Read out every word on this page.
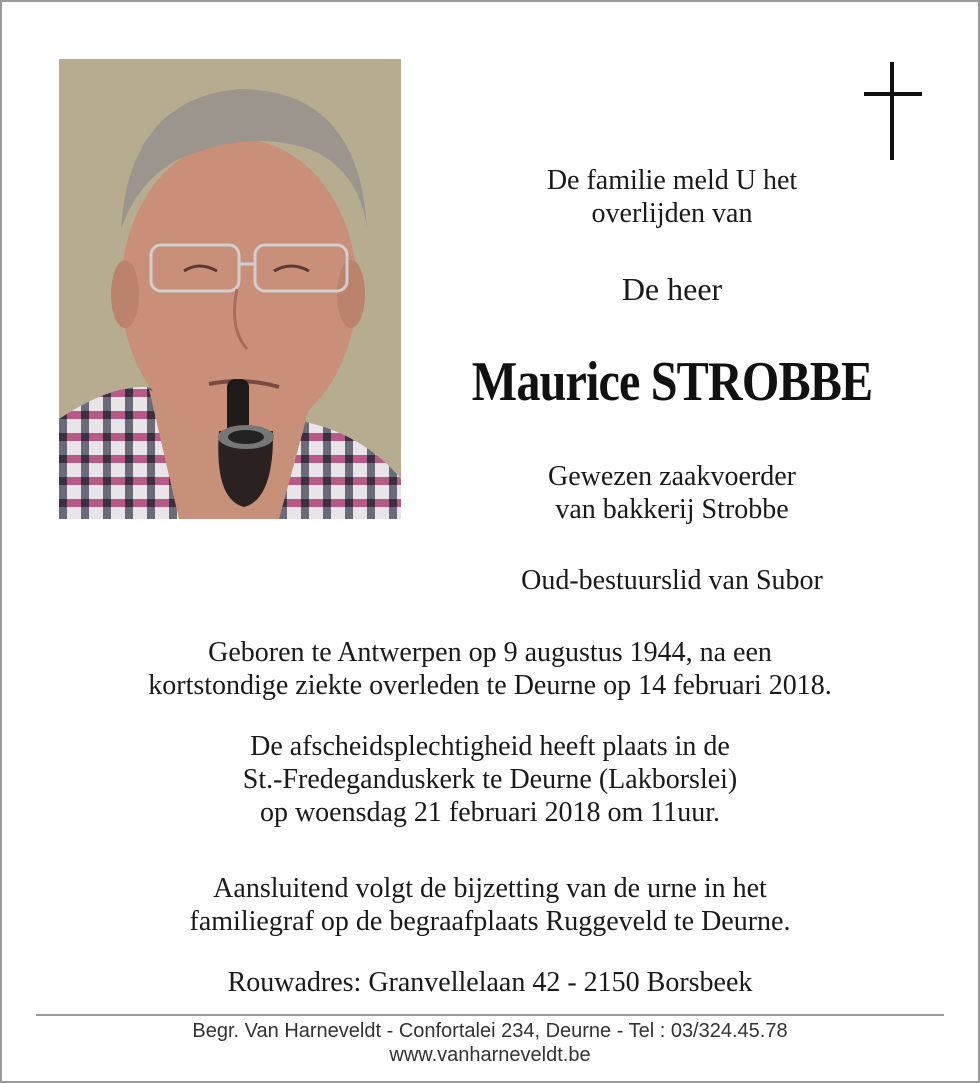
De familie meld U het

overlijden van

De heer

Maurice STROBBE

Gewezen zaakvoerder

van bakkerij Strobbe

Oud-bestuurslid van Subor

Geboren te Antwerpen op 9 augustus 1944, na een

kortstondige ziekte overleden te Deurne op 14 februari 2018.

De afscheidsplechtigheid heeft plaats in de

St.-Fredeganduskerk te Deurne (Lakborslei)

op woensdag 21 februari 2018 om 11uur.

Aansluitend volgt de bijzetting van de urne in het

familiegraf op de begraafplaats Ruggeveld te Deurne.

Rouwadres: Granvellelaan 42 - 2150 Borsbeek

Begr. Van Harneveldt - Confortalei 234, Deurne - Tel : 03/324.45.78
www.vanharneveldt.be
